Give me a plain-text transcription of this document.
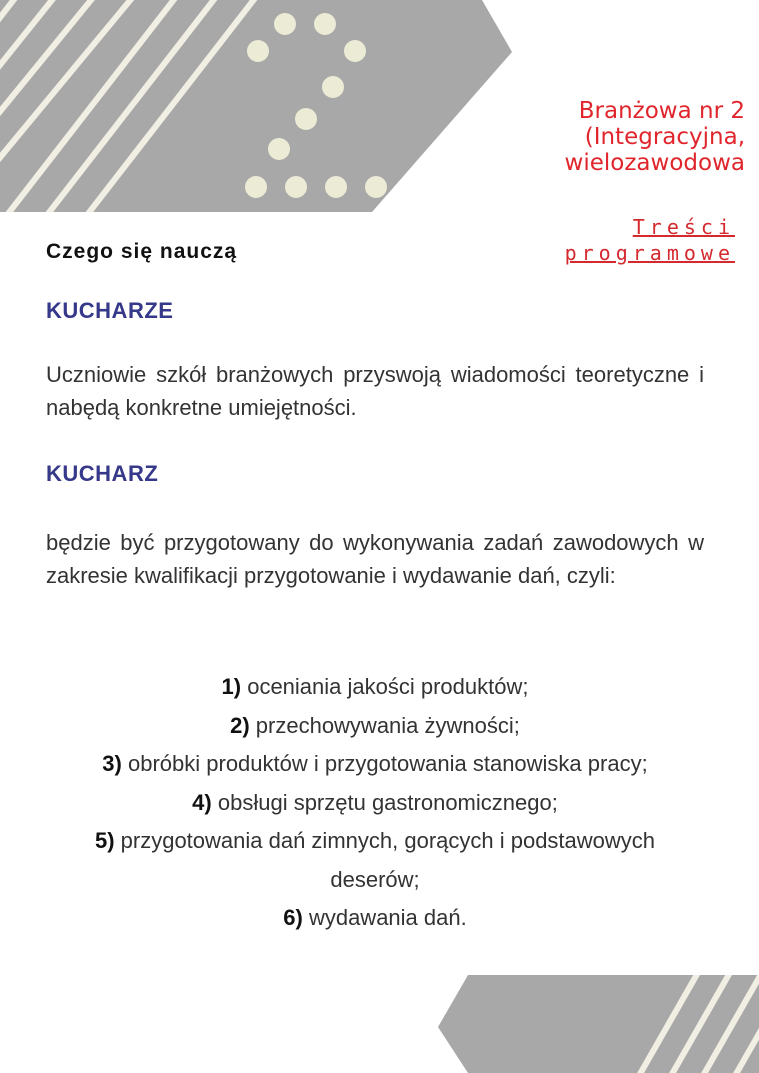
Branżowa nr 2
(Integracyjna,
wielozawodowa
Treści
programowe
Czego się nauczą
KUCHARZE
Uczniowie szkół branżowych przyswoją wiadomości teoretyczne i nabędą konkretne umiejętności.
KUCHARZ
będzie być przygotowany do wykonywania zadań zawodowych w zakresie kwalifikacji przygotowanie i wydawanie dań, czyli:
1) oceniania jakości produktów;
2) przechowywania żywności;
3) obróbki produktów i przygotowania stanowiska pracy;
4) obsługi sprzętu gastronomicznego;
5) przygotowania dań zimnych, gorących i podstawowych
deserów;
6) wydawania dań.
